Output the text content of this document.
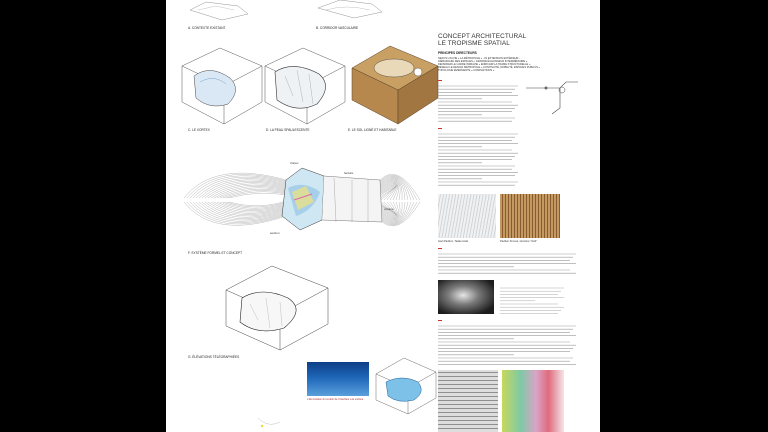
A. CONTEXTE EXISTANT	B. CORRIDOR VASCULAIRE
C. LE VORTEX	D. LA PEAU SPAULESCENTE	E. LE SOL LIGNÉ ET HABITABLE
Vortex
fenêtre
volume
section
F. SYSTÈME FORMEL ET CONCEPT
G. ÉLÉVATIONS TÉLÉGRAPHIÉES
L'illumination du couloir de l'interface a la surface
CONCEPT ARCHITECTURAL
LE TROPISME SPATIAL
PRINCIPES DIRECTEURS
NEXUS LOUVIE « LA MÉTROPOLE » - IN EXTENSION EXTÉRIEUR -
HIÉRARCHIE DES ESPACES « GRANDE ÉCHANGEUR INTERMÉDIAIRE »
DENSIFIER LE CADRE INFRAVIE « ENRICHIR LA TRAME STRUCTURELLE »
RESEAU LE DESIGN MÉTROPOLE « CONTINUITÉ, MOBILITÉ, ESPACES PUBLICS »
TOPOLOGIE ÉMERGENTE « COMPLÉTIONS »
Gazi Pavilion, Tadao Ando	Pavilion Kimura, structure "Grid"
